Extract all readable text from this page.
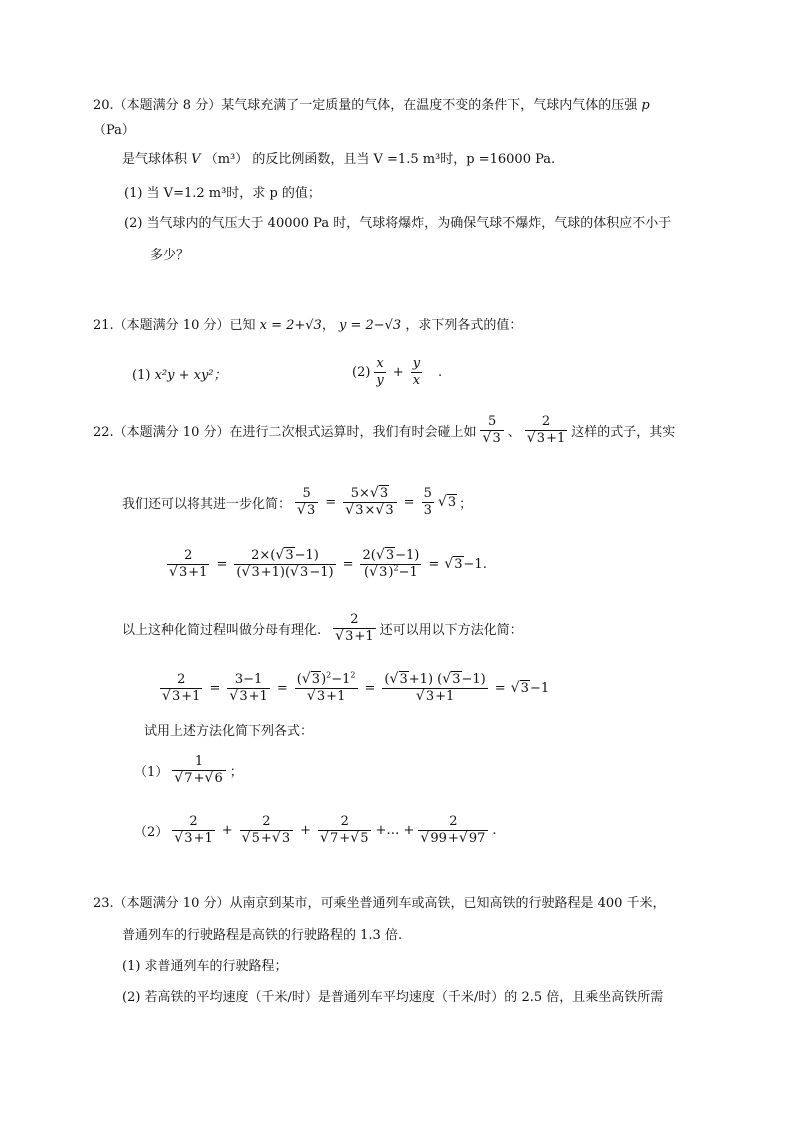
20.（本题满分 8 分）某气球充满了一定质量的气体，在温度不变的条件下，气球内气体的压强 p
（Pa）
是气球体积 V （m³） 的反比例函数，且当 V =1.5 m³时，p =16000 Pa.
(1) 当 V=1.2 m³时，求 p 的值；
(2) 当气球内的气压大于 40000 Pa 时，气球将爆炸，为确保气球不爆炸，气球的体积应不小于
多少？
21.（本题满分 10 分）已知 x = 2+√3， y = 2−√3 ，求下列各式的值：
(1) x²y + xy²；	$(2) \frac{x}{y} + \frac{y}{x}$	.
22.（本题满分 10 分）在进行二次根式运算时，我们有时会碰上如 5
√ 3 、 2
√ 3+1 这样的式子，其实
我们还可以将其进一步化简： 5
√ 3 = 5× √ 3
√ 3× √ $3 = \frac{5}{3}$	√ 3 ；
2
√ $3+1 = \frac{2\times( √ 3-1)}{( √ 3+1)( √ 3-1)} = \frac{2( √ 3-1)}{( √ 3)^2-1}$ =	√ 3−1.
以上这种化简过程叫做分母有理化. 2
√ 3+1 还可以用以下方法化简：
2
√ 3+1 = 3−1
√ 3+1 = ( √ $3)^2-1^2$
√ 3+1 = ( √ 3+1) ( √ 3−1)
√ 3+1 =	√ 3−1
试用上述方法化简下列各式：
（1） 1
√ 7+ √ 6 ；
（2） 2
√ 3+1 + 2
√ 5+ √ 3 + 2
√ 7+ √ 5 +… + 2
√ 99+ √ 97 .
23.（本题满分 10 分）从南京到某市，可乘坐普通列车或高铁，已知高铁的行驶路程是 400 千米，
普通列车的行驶路程是高铁的行驶路程的 1.3 倍.
(1) 求普通列车的行驶路程；
(2) 若高铁的平均速度（千米/时）是普通列车平均速度（千米/时）的 2.5 倍，且乘坐高铁所需
